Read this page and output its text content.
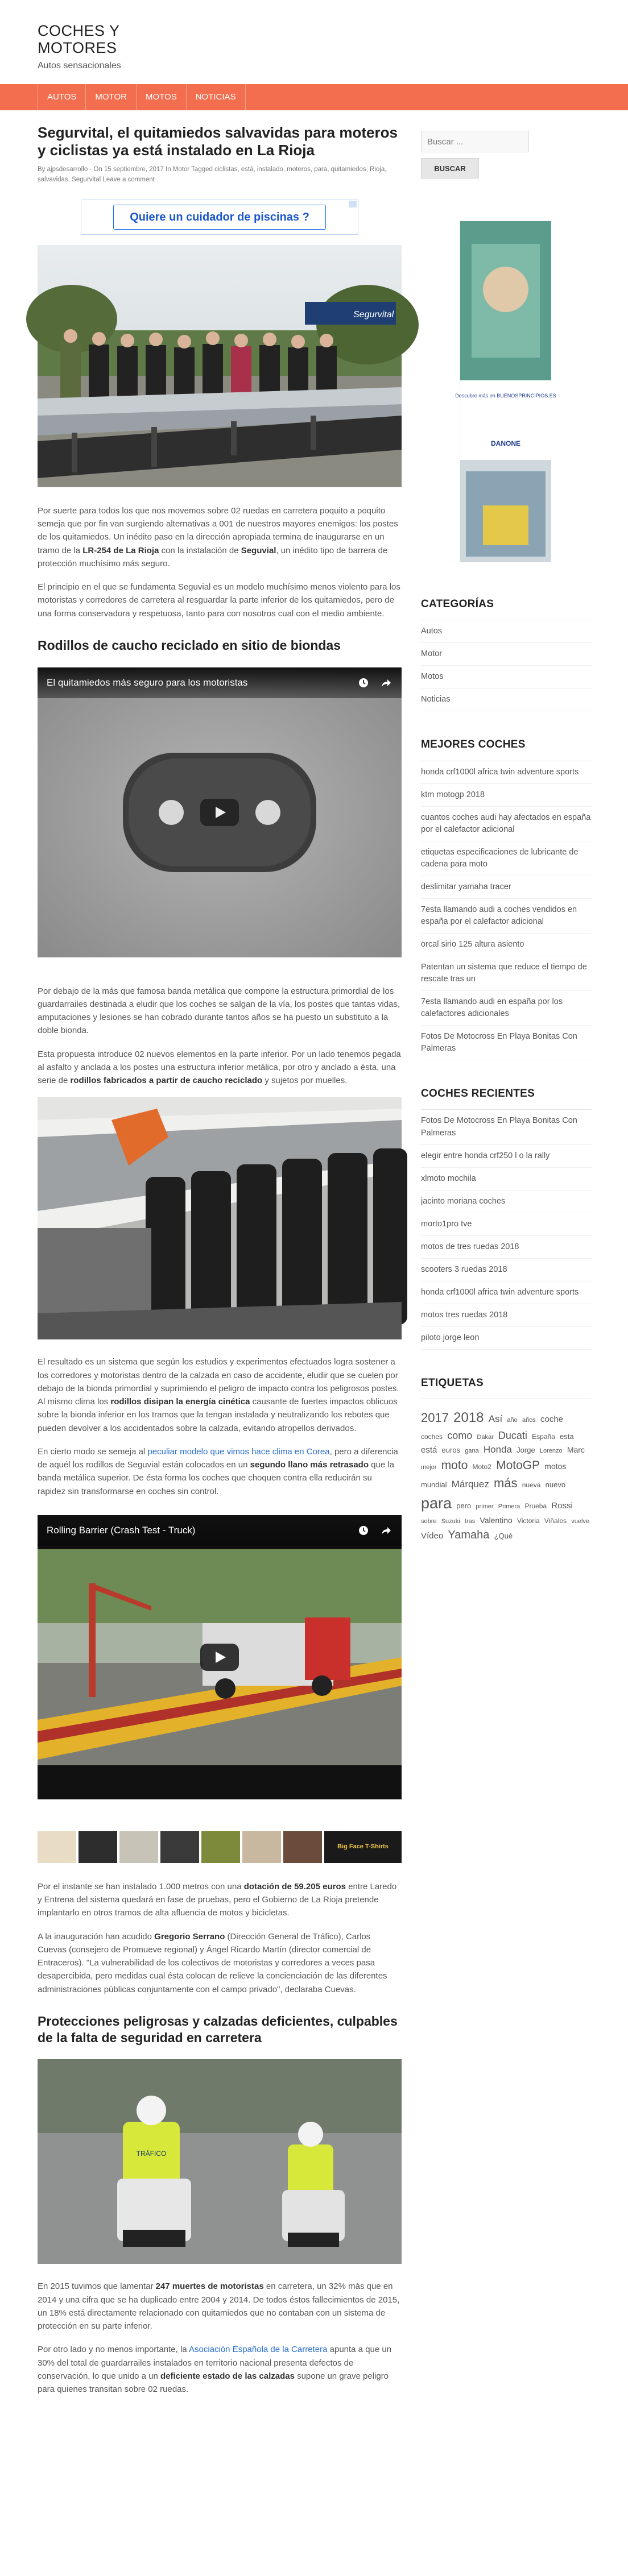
COCHES Y MOTORES
Autos sensacionales
AUTOS	MOTOR	MOTOS	NOTICIAS
Segurvital, el quitamiedos salvavidas para moteros y ciclistas ya está instalado en La Rioja
By ajpsdesarrollo · On 15 septiembre, 2017 In Motor Tagged ciclistas, está, instalado, moteros, para, quitamiedos, Rioja, salvavidas, Segurvital Leave a comment
Quiere un cuidador de piscinas ?
Segurvital

Por suerte para todos los que nos movemos sobre 02 ruedas en carretera poquito a poquito semeja que por fin van surgiendo alternativas a 001 de nuestros mayores enemigos: los postes de los quitamiedos. Un inédito paso en la dirección apropiada termina de inaugurarse en un tramo de la LR-254 de La Rioja con la instalación de Seguvial, un inédito tipo de barrera de protección muchísimo más seguro.

El principio en el que se fundamenta Seguvial es un modelo muchísimo menos violento para los motoristas y corredores de carretera al resguardar la parte inferior de los quitamiedos, pero de una forma conservadora y respetuosa, tanto para con nosotros cual con el medio ambiente.

Rodillos de caucho reciclado en sitio de biondas
El quitamiedos más seguro para los motoristas

Por debajo de la más que famosa banda metálica que compone la estructura primordial de los guardarrailes destinada a eludir que los coches se salgan de la vía, los postes que tantas vidas, amputaciones y lesiones se han cobrado durante tantos años se ha puesto un substituto a la doble bionda.

Esta propuesta introduce 02 nuevos elementos en la parte inferior. Por un lado tenemos pegada al asfalto y anclada a los postes una estructura inferior metálica, por otro y anclado a ésta, una serie de rodillos fabricados a partir de caucho reciclado y sujetos por muelles.

El resultado es un sistema que según los estudios y experimentos efectuados logra sostener a los corredores y motoristas dentro de la calzada en caso de accidente, eludir que se cuelen por debajo de la bionda primordial y suprimiendo el peligro de impacto contra los peligrosos postes. Al mismo clima los rodillos disipan la energía cinética causante de fuertes impactos oblicuos sobre la bionda inferior en los tramos que la tengan instalada y neutralizando los rebotes que pueden devolver a los accidentados sobre la calzada, evitando atropellos derivados.

En cierto modo se semeja al peculiar modelo que vimos hace clima en Corea, pero a diferencia de aquél los rodillos de Seguvial están colocados en un segundo llano más retrasado que la banda metálica superior. De ésta forma los coches que choquen contra ella reducirán su rapidez sin transformarse en coches sin control.

Rolling Barrier (Crash Test - Truck)
Big Face T-Shirts

Por el instante se han instalado 1.000 metros con una dotación de 59.205 euros entre Laredo y Entrena del sistema quedará en fase de pruebas, pero el Gobierno de La Rioja pretende implantarlo en otros tramos de alta afluencia de motos y bicicletas.

A la inauguración han acudido Gregorio Serrano (Dirección General de Tráfico), Carlos Cuevas (consejero de Promueve regional) y Ángel Ricardo Martín (director comercial de Entraceros). "La vulnerabilidad de los colectivos de motoristas y corredores a veces pasa desapercibida, pero medidas cual ésta colocan de relieve la concienciación de las diferentes administraciones públicas conjuntamente con el campo privado", declaraba Cuevas.

Protecciones peligrosas y calzadas deficientes, culpables de la falta de seguridad en carretera
TRÁFICO

En 2015 tuvimos que lamentar 247 muertes de motoristas en carretera, un 32% más que en 2014 y una cifra que se ha duplicado entre 2004 y 2014. De todos éstos fallecimientos de 2015, un 18% está directamente relacionado con quitamiedos que no contaban con un sistema de protección en su parte inferior.

Por otro lado y no menos importante, la Asociación Española de la Carretera apunta a que un 30% del total de guardarrailes instalados en territorio nacional presenta defectos de conservación, lo que unido a un deficiente estado de las calzadas supone un grave peligro para quienes transitan sobre 02 ruedas.

Buscar ...
BUSCAR
Descubre más en BUENOSPRINCIPIOS.ES
DANONE
CATEGORÍAS
Autos
Motor
Motos
Noticias
MEJORES COCHES
honda crf1000l africa twin adventure sports
ktm motogp 2018
cuantos coches audi hay afectados en españa por el calefactor adicional
etiquetas especificaciones de lubricante de cadena para moto
deslimitar yamaha tracer
7esta llamando audi a coches vendidos en españa por el calefactor adicional
orcal sirio 125 altura asiento
Patentan un sistema que reduce el tiempo de rescate tras un
7esta llamando audi en españa por los calefactores adicionales
Fotos De Motocross En Playa Bonitas Con Palmeras
COCHES RECIENTES
Fotos De Motocross En Playa Bonitas Con Palmeras
elegir entre honda crf250 l o la rally
xlmoto mochila
jacinto moriana coches
morto1pro tve
motos de tres ruedas 2018
scooters 3 ruedas 2018
honda crf1000l africa twin adventure sports
motos tres ruedas 2018
piloto jorge leon
ETIQUETAS
2017 2018 Así año años coche coches como Dakar Ducati España esta está euros gana Honda Jorge Lorenzo Marc mejor moto Moto2 MotoGP motos mundial Márquez más nueva nuevo para pero primer Primera Prueba Rossi sobre Suzuki tras Valentino Victoria Viñales vuelve Vídeo Yamaha ¿Qué
